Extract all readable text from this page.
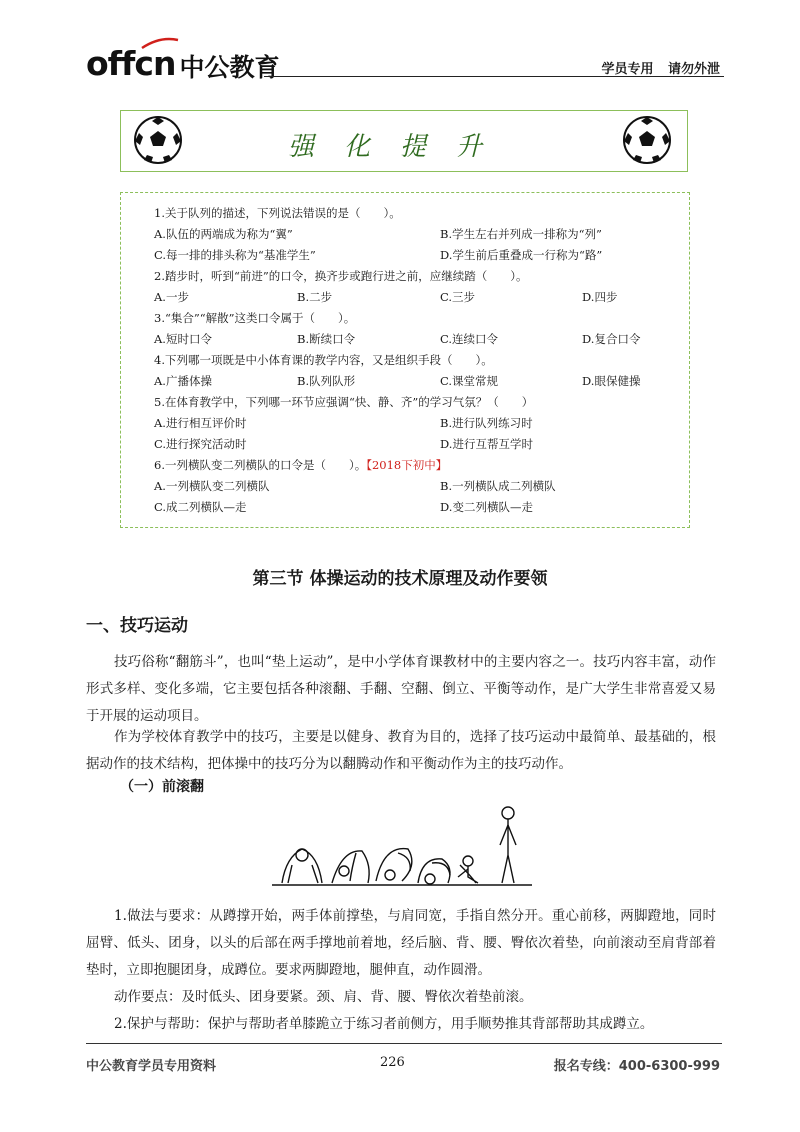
offcn 中公教育	学员专用 请勿外泄
强化提升
1.关于队列的描述，下列说法错误的是（　　）。
A.队伍的两端成为称为“翼”	B.学生左右并列成一排称为“列”
C.每一排的排头称为“基准学生”	D.学生前后重叠成一行称为“路”
2.踏步时，听到“前进”的口令，换齐步或跑行进之前，应继续踏（　　）。
A.一步	B.二步	C.三步	D.四步
3.“集合”“解散”这类口令属于（　　）。
A.短时口令	B.断续口令	C.连续口令	D.复合口令
4.下列哪一项既是中小体育课的教学内容，又是组织手段（　　）。
A.广播体操	B.队列队形	C.课堂常规	D.眼保健操
5.在体育教学中，下列哪一环节应强调“快、静、齐”的学习气氛？（　　）
A.进行相互评价时	B.进行队列练习时
C.进行探究活动时	D.进行互帮互学时
6.一列横队变二列横队的口令是（　　）。【2018下初中】
A.一列横队变二列横队	B.一列横队成二列横队
C.成二列横队—走	D.变二列横队—走
第三节 体操运动的技术原理及动作要领
一、技巧运动
技巧俗称“翻筋斗”，也叫“垫上运动”，是中小学体育课教材中的主要内容之一。技巧内容丰富，动作形式多样、变化多端，它主要包括各种滚翻、手翻、空翻、倒立、平衡等动作，是广大学生非常喜爱又易于开展的运动项目。
作为学校体育教学中的技巧，主要是以健身、教育为目的，选择了技巧运动中最简单、最基础的，根据动作的技术结构，把体操中的技巧分为以翻腾动作和平衡动作为主的技巧动作。
（一）前滚翻
1.做法与要求：从蹲撑开始，两手体前撑垫，与肩同宽，手指自然分开。重心前移，两脚蹬地，同时屈臂、低头、团身，以头的后部在两手撑地前着地，经后脑、背、腰、臀依次着垫，向前滚动至肩背部着垫时，立即抱腿团身，成蹲位。要求两脚蹬地，腿伸直，动作圆滑。
动作要点：及时低头、团身要紧。颈、肩、背、腰、臀依次着垫前滚。
2.保护与帮助：保护与帮助者单膝跪立于练习者前侧方，用手顺势推其背部帮助其成蹲立。
中公教育学员专用资料	226	报名专线：400-6300-999
